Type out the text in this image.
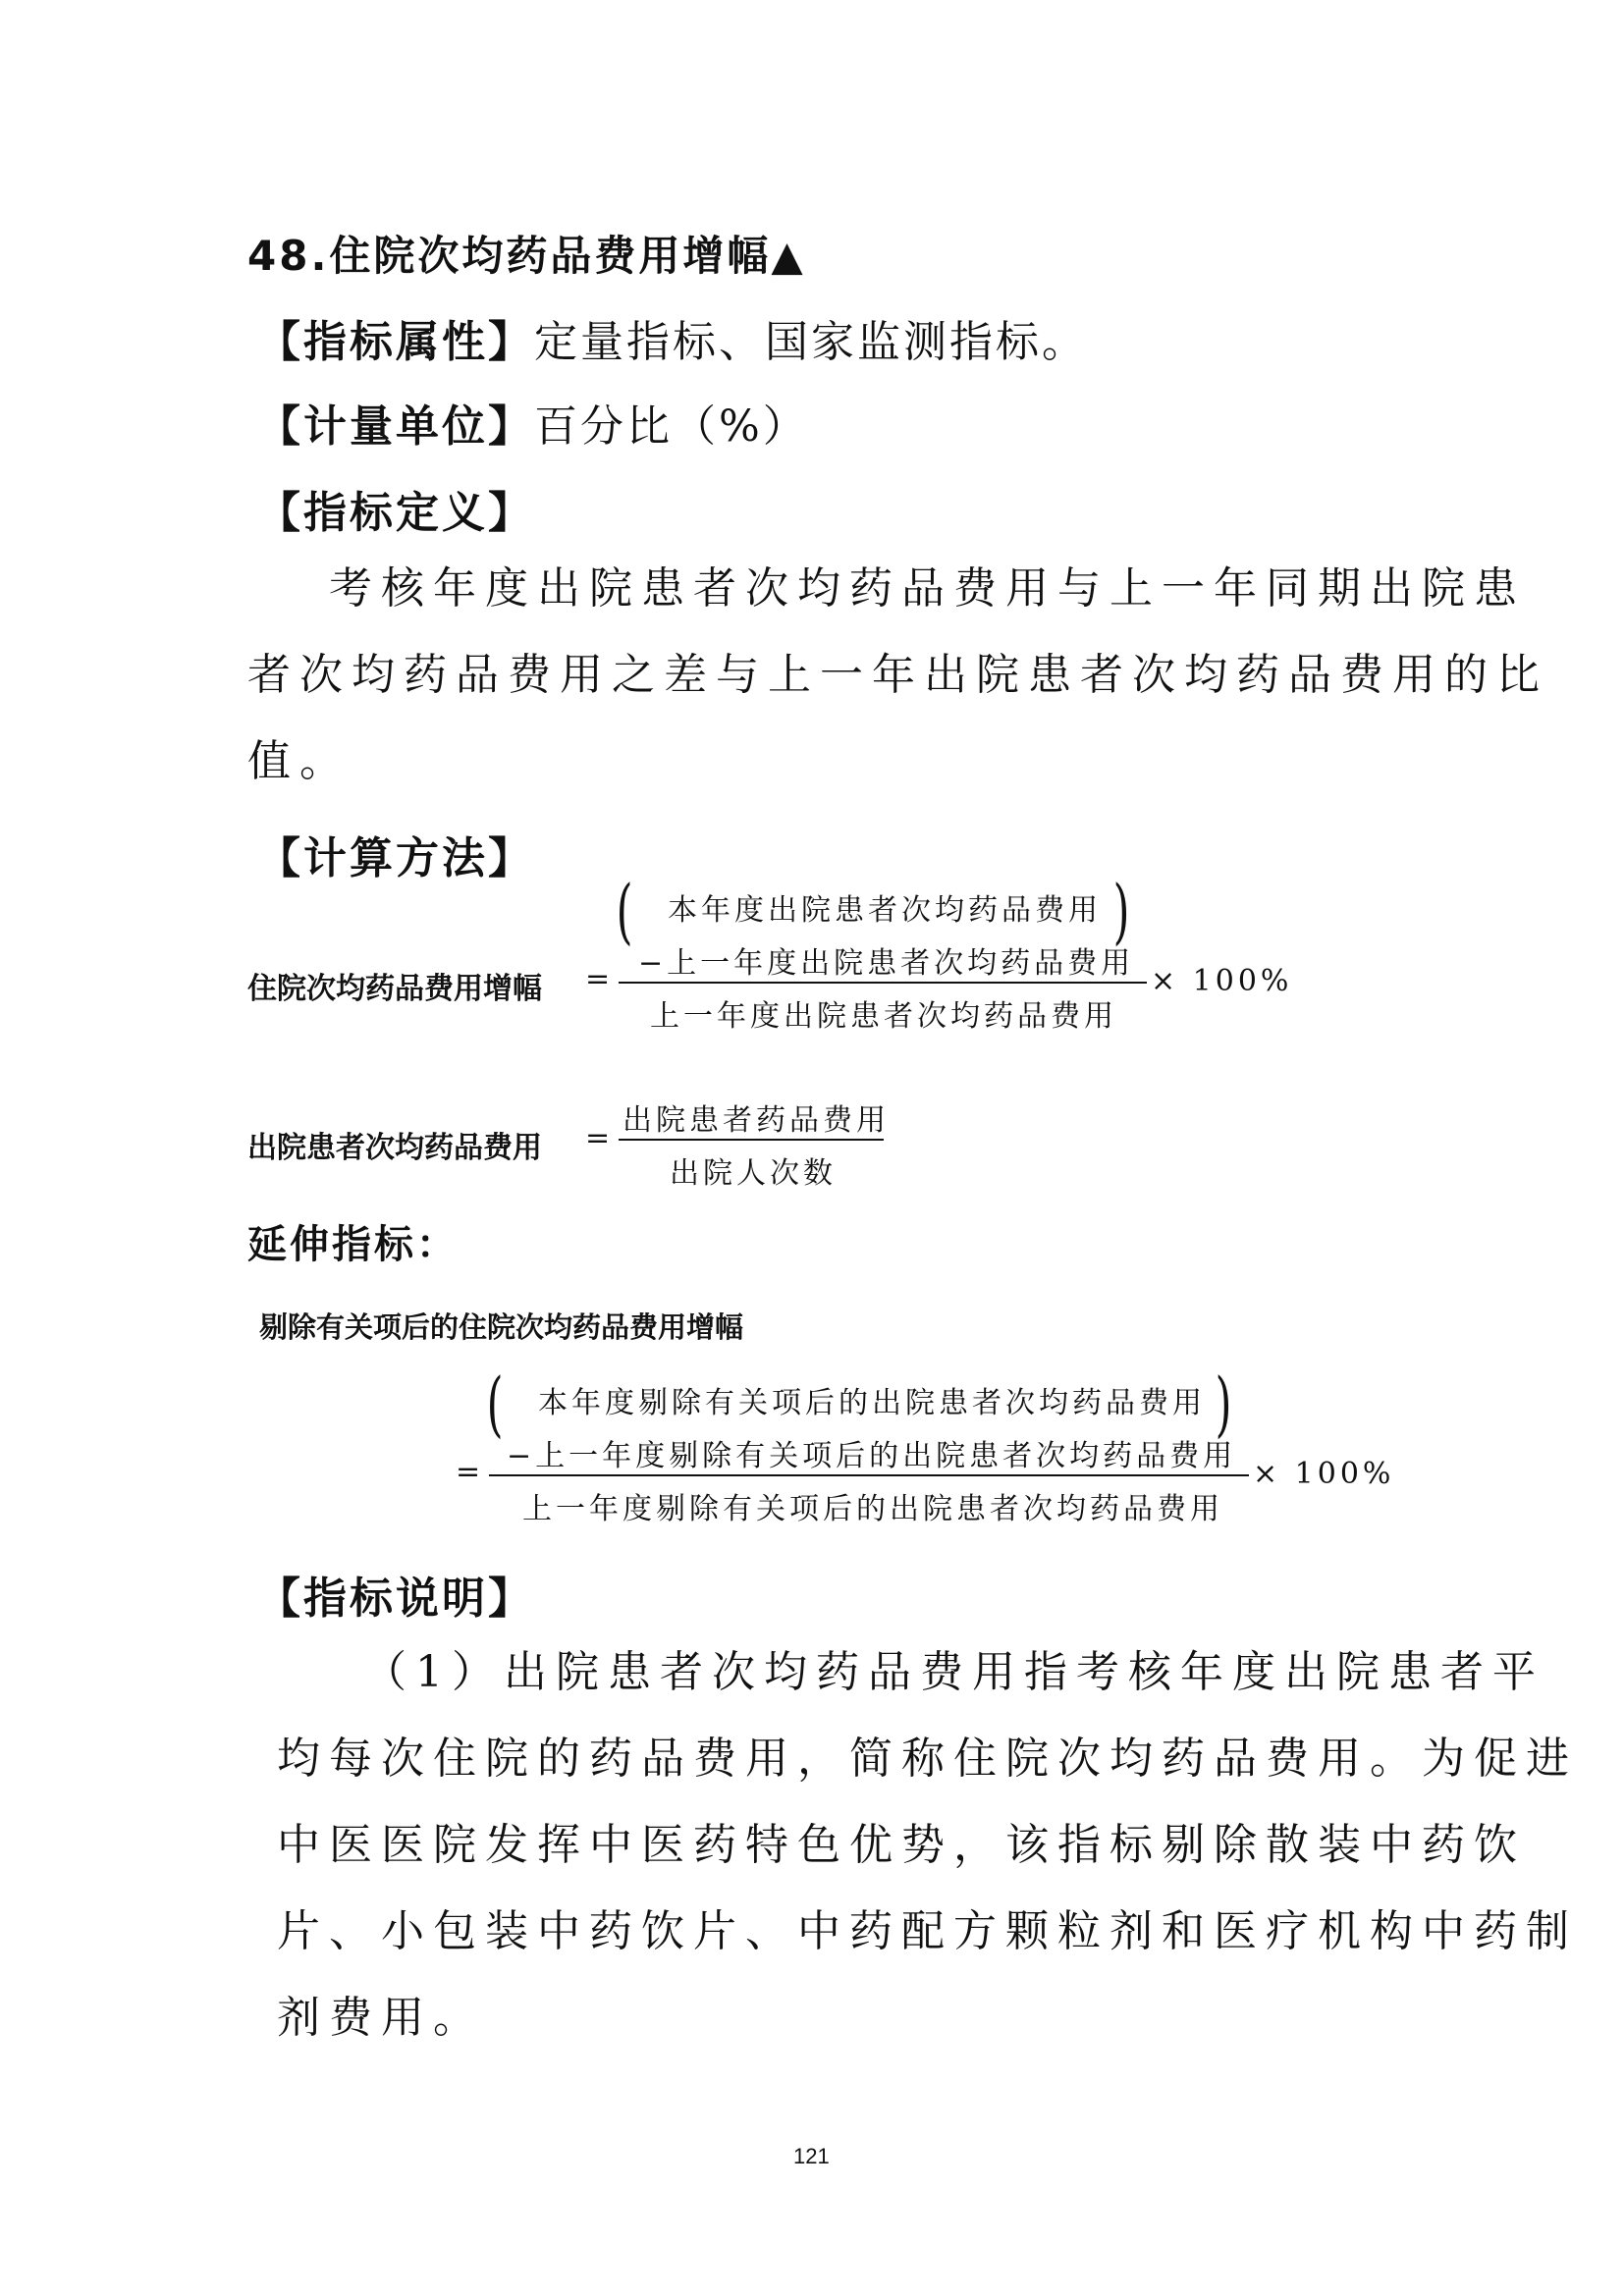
48.住院次均药品费用增幅▲
【指标属性】定量指标、国家监测指标。
【计量单位】百分比（%）
【指标定义】
考核年度出院患者次均药品费用与上一年同期出院患
者次均药品费用之差与上一年出院患者次均药品费用的比
值。
【计算方法】
住院次均药品费用增幅 =
( 本年度出院患者次均药品费用
−上一年度出院患者次均药品费用
)
上一年度出院患者次均药品费用
× 100%
出院患者次均药品费用 =
出院患者药品费用
出院人次数
延伸指标：
剔除有关项后的住院次均药品费用增幅
=
( 本年度剔除有关项后的出院患者次均药品费用
−上一年度剔除有关项后的出院患者次均药品费用
)
上一年度剔除有关项后的出院患者次均药品费用
× 100%
【指标说明】
（1）出院患者次均药品费用指考核年度出院患者平
均每次住院的药品费用，简称住院次均药品费用。为促进
中医医院发挥中医药特色优势，该指标剔除散装中药饮
片、小包装中药饮片、中药配方颗粒剂和医疗机构中药制
剂费用。
121
